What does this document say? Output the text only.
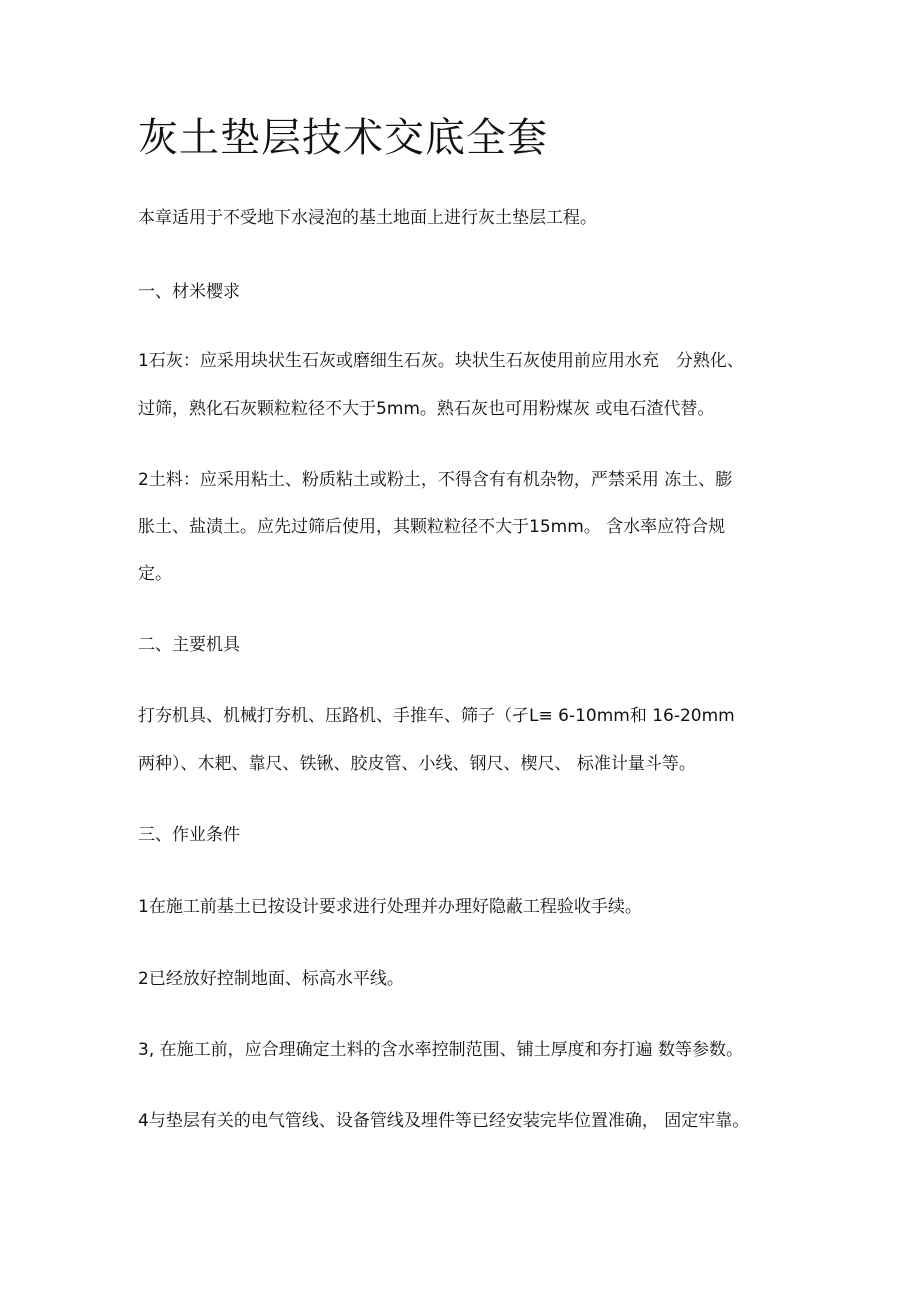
灰土垫层技术交底全套

本章适用于不受地下水浸泡的基土地面上进行灰土垫层工程。

一、材米樱求

1石灰：应采用块状生石灰或磨细生石灰。块状生石灰使用前应用水充　分熟化、

过筛，熟化石灰颗粒粒径不大于5mm。熟石灰也可用粉煤灰 或电石渣代替。

2土料：应采用粘土、粉质粘土或粉土，不得含有有机杂物，严禁采用 冻土、膨

胀土、盐渍土。应先过筛后使用，其颗粒粒径不大于15mm。 含水率应符合规

定。

二、主要机具

打夯机具、机械打夯机、压路机、手推车、筛子（孑L≡ 6-10mm和 16-20mm

两种）、木耙、靠尺、铁锹、胶皮管、小线、钢尺、楔尺、 标准计量斗等。

三、作业条件

1在施工前基土已按设计要求进行处理并办理好隐蔽工程验收手续。

2已经放好控制地面、标高水平线。

3, 在施工前，应合理确定土料的含水率控制范围、铺土厚度和夯打遍 数等参数。

4与垫层有关的电气管线、设备管线及埋件等已经安装完毕位置准确， 固定牢靠。
